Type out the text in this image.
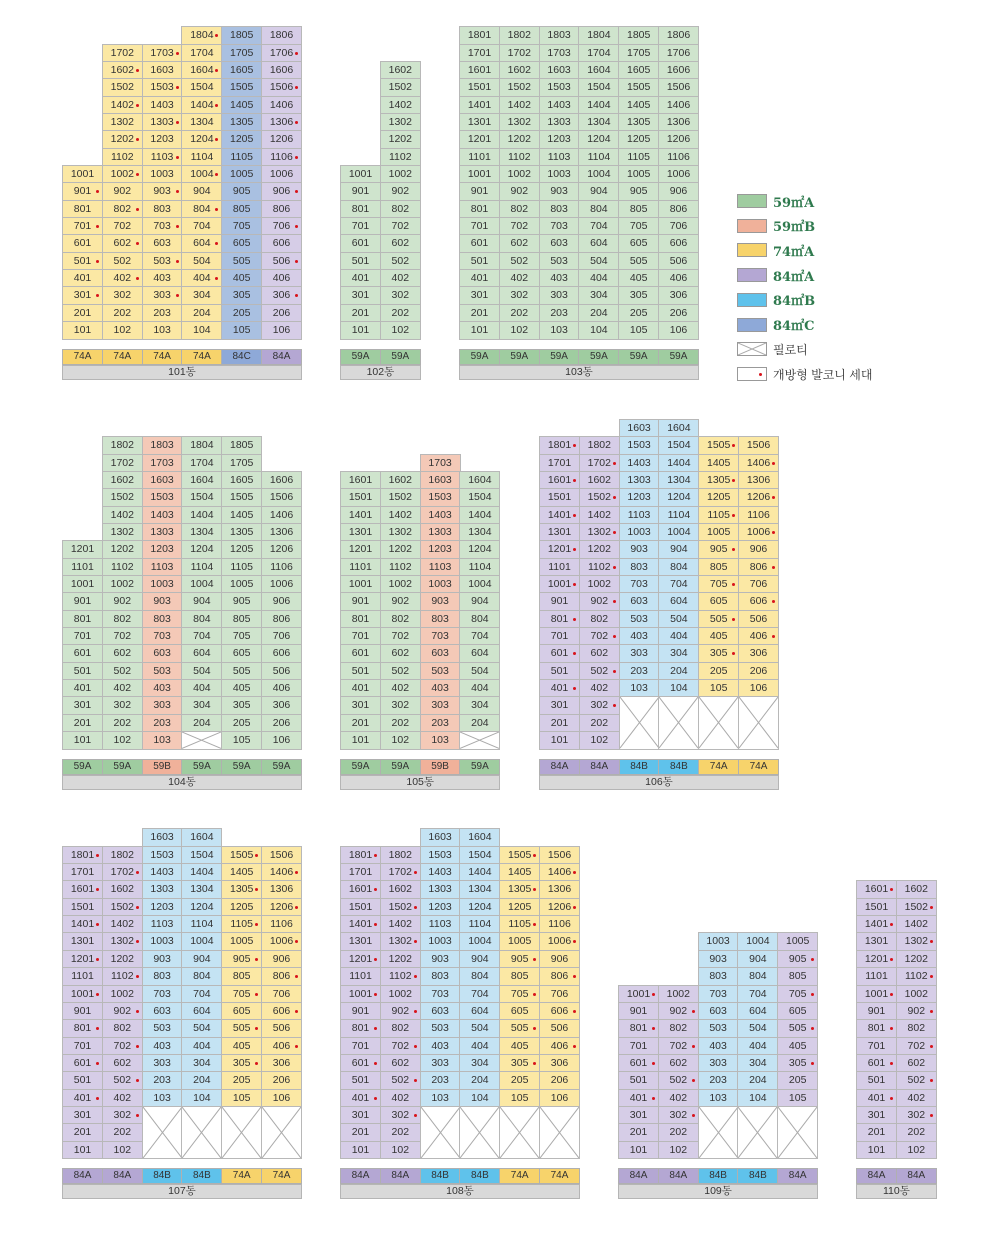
59㎡A
59㎡B
74㎡A
84㎡A
84㎡B
84㎡C
필로티
개방형 발코니 세대
1001
901
801
701
601
501
401
301
201
101
74A
1702
1602
1502
1402
1302
1202
1102
1002
902
802
702
602
502
402
302
202
102
74A
1703
1603
1503
1403
1303
1203
1103
1003
903
803
703
603
503
403
303
203
103
74A
1804
1704
1604
1504
1404
1304
1204
1104
1004
904
804
704
604
504
404
304
204
104
74A
1805
1705
1605
1505
1405
1305
1205
1105
1005
905
805
705
605
505
405
305
205
105
84C
1806
1706
1606
1506
1406
1306
1206
1106
1006
906
806
706
606
506
406
306
206
106
84A
101동
1001
901
801
701
601
501
401
301
201
101
59A
1602
1502
1402
1302
1202
1102
1002
902
802
702
602
502
402
302
202
102
59A
102동
1801
1701
1601
1501
1401
1301
1201
1101
1001
901
801
701
601
501
401
301
201
101
59A
1802
1702
1602
1502
1402
1302
1202
1102
1002
902
802
702
602
502
402
302
202
102
59A
1803
1703
1603
1503
1403
1303
1203
1103
1003
903
803
703
603
503
403
303
203
103
59A
1804
1704
1604
1504
1404
1304
1204
1104
1004
904
804
704
604
504
404
304
204
104
59A
1805
1705
1605
1505
1405
1305
1205
1105
1005
905
805
705
605
505
405
305
205
105
59A
1806
1706
1606
1506
1406
1306
1206
1106
1006
906
806
706
606
506
406
306
206
106
59A
103동
1201
1101
1001
901
801
701
601
501
401
301
201
101
59A
1802
1702
1602
1502
1402
1302
1202
1102
1002
902
802
702
602
502
402
302
202
102
59A
1803
1703
1603
1503
1403
1303
1203
1103
1003
903
803
703
603
503
403
303
203
103
59B
1804
1704
1604
1504
1404
1304
1204
1104
1004
904
804
704
604
504
404
304
204
59A
1805
1705
1605
1505
1405
1305
1205
1105
1005
905
805
705
605
505
405
305
205
105
59A
1606
1506
1406
1306
1206
1106
1006
906
806
706
606
506
406
306
206
106
59A
104동
1601
1501
1401
1301
1201
1101
1001
901
801
701
601
501
401
301
201
101
59A
1602
1502
1402
1302
1202
1102
1002
902
802
702
602
502
402
302
202
102
59A
1703
1603
1503
1403
1303
1203
1103
1003
903
803
703
603
503
403
303
203
103
59B
1604
1504
1404
1304
1204
1104
1004
904
804
704
604
504
404
304
204
59A
105동
1801
1701
1601
1501
1401
1301
1201
1101
1001
901
801
701
601
501
401
301
201
101
84A
1802
1702
1602
1502
1402
1302
1202
1102
1002
902
802
702
602
502
402
302
202
102
84A
1603
1503
1403
1303
1203
1103
1003
903
803
703
603
503
403
303
203
103
84B
1604
1504
1404
1304
1204
1104
1004
904
804
704
604
504
404
304
204
104
84B
1505
1405
1305
1205
1105
1005
905
805
705
605
505
405
305
205
105
74A
1506
1406
1306
1206
1106
1006
906
806
706
606
506
406
306
206
106
74A
106동
1801
1701
1601
1501
1401
1301
1201
1101
1001
901
801
701
601
501
401
301
201
101
84A
1802
1702
1602
1502
1402
1302
1202
1102
1002
902
802
702
602
502
402
302
202
102
84A
1603
1503
1403
1303
1203
1103
1003
903
803
703
603
503
403
303
203
103
84B
1604
1504
1404
1304
1204
1104
1004
904
804
704
604
504
404
304
204
104
84B
1505
1405
1305
1205
1105
1005
905
805
705
605
505
405
305
205
105
74A
1506
1406
1306
1206
1106
1006
906
806
706
606
506
406
306
206
106
74A
107동
1801
1701
1601
1501
1401
1301
1201
1101
1001
901
801
701
601
501
401
301
201
101
84A
1802
1702
1602
1502
1402
1302
1202
1102
1002
902
802
702
602
502
402
302
202
102
84A
1603
1503
1403
1303
1203
1103
1003
903
803
703
603
503
403
303
203
103
84B
1604
1504
1404
1304
1204
1104
1004
904
804
704
604
504
404
304
204
104
84B
1505
1405
1305
1205
1105
1005
905
805
705
605
505
405
305
205
105
74A
1506
1406
1306
1206
1106
1006
906
806
706
606
506
406
306
206
106
74A
108동
1001
901
801
701
601
501
401
301
201
101
84A
1002
902
802
702
602
502
402
302
202
102
84A
1003
903
803
703
603
503
403
303
203
103
84B
1004
904
804
704
604
504
404
304
204
104
84B
1005
905
805
705
605
505
405
305
205
105
84A
109동
1601
1501
1401
1301
1201
1101
1001
901
801
701
601
501
401
301
201
101
84A
1602
1502
1402
1302
1202
1102
1002
902
802
702
602
502
402
302
202
102
84A
110동
